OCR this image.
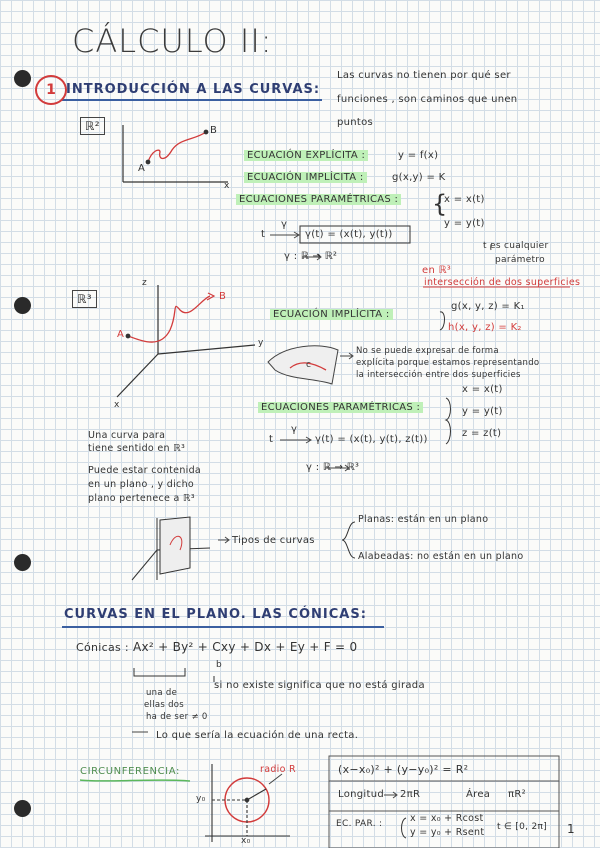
CÁLCULO II:
1 INTRODUCCIÓN A LAS CURVAS:
Las curvas no tienen por qué ser
funciones , son caminos que unen
puntos
ℝ²
A
B
x
ECUACIÓN EXPLÍCITA :	y = f(x)
ECUACIÓN IMPLÍCITA :	g(x,y) = K
ECUACIONES PARAMÉTRICAS : {
x = x(t)
y = y(t)
t
γ
γ(t) = (x(t), y(t))
γ : ℝ → ℝ²
t es cualquier
parámetro
ℝ³
z
y
x
A
B
en ℝ³
intersección de dos superficies
ECUACIÓN IMPLÍCITA :
g(x, y, z) = K₁
h(x, y, z) = K₂
c
No se puede expresar de forma
explícita porque estamos representando
la intersección entre dos superficies
ECUACIONES PARAMÉTRICAS :
x = x(t)
y = y(t)
z = z(t)
t
γ
γ(t) = (x(t), y(t), z(t))
γ : ℝ → ℝ³
Una curva para
tiene sentido en ℝ³
Puede estar contenida
en un plano , y dicho
plano pertenece a ℝ³
Tipos de curvas
Planas: están en un plano
Alabeadas: no están en un plano
CURVAS EN EL PLANO. LAS CÓNICAS:
Cónicas : Ax² + By² + Cxy + Dx + Ey + F = 0
b
una de
ellas dos
ha de ser ≠ 0
si no existe significa que no está girada
Lo que sería la ecuación de una recta.
CIRCUNFERENCIA:	radio R
y₀
x₀
(x−x₀)² + (y−y₀)² = R²
Longitud 2πR	Área πR²
EC. PAR. :	x = x₀ + Rcost
y = y₀ + Rsent t ∈ [0, 2π] 1
